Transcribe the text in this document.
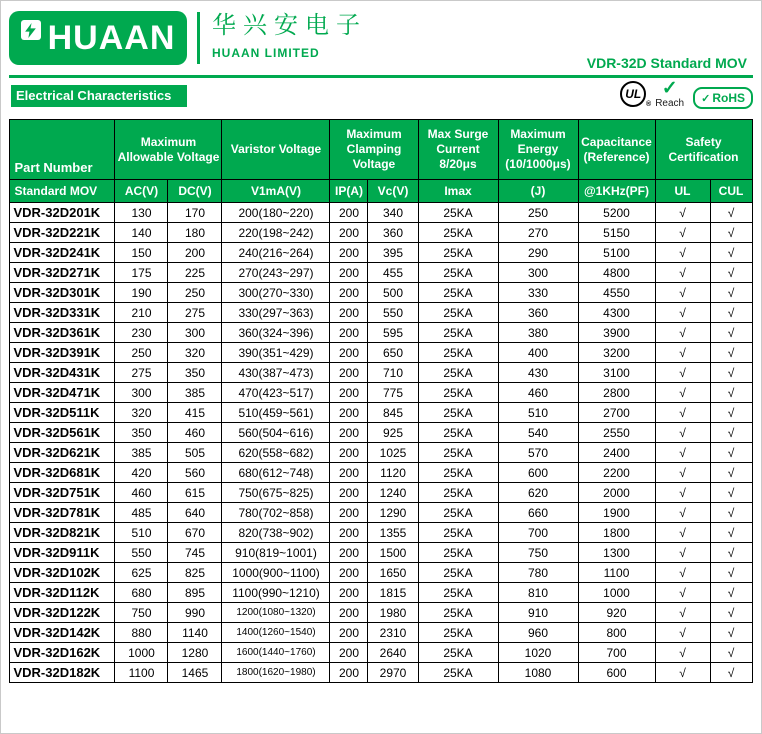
HUAAN 华兴安电子
HUAAN LIMITED
VDR-32D Standard MOV
Electrical Characteristics	UL
®
✓
Reach ✓ RoHS
Part Number	Maximum Allowable Voltage		Varistor Voltage	Maximum Clamping Voltage		Max Surge Current 8/20μs	Maximum Energy (10/1000μs)	Capacitance(Reference)	Safety Certification	
Standard MOV	AC(V)	DC(V)	V1mA(V)	IP(A)	Vc(V)	Imax	(J)	@1KHz(PF)	UL	CUL
VDR-32D201K	130	170	200(180~220)	200	340	25KA	250	5200	√	√
VDR-32D221K	140	180	220(198~242)	200	360	25KA	270	5150	√	√
VDR-32D241K	150	200	240(216~264)	200	395	25KA	290	5100	√	√
VDR-32D271K	175	225	270(243~297)	200	455	25KA	300	4800	√	√
VDR-32D301K	190	250	300(270~330)	200	500	25KA	330	4550	√	√
VDR-32D331K	210	275	330(297~363)	200	550	25KA	360	4300	√	√
VDR-32D361K	230	300	360(324~396)	200	595	25KA	380	3900	√	√
VDR-32D391K	250	320	390(351~429)	200	650	25KA	400	3200	√	√
VDR-32D431K	275	350	430(387~473)	200	710	25KA	430	3100	√	√
VDR-32D471K	300	385	470(423~517)	200	775	25KA	460	2800	√	√
VDR-32D511K	320	415	510(459~561)	200	845	25KA	510	2700	√	√
VDR-32D561K	350	460	560(504~616)	200	925	25KA	540	2550	√	√
VDR-32D621K	385	505	620(558~682)	200	1025	25KA	570	2400	√	√
VDR-32D681K	420	560	680(612~748)	200	1120	25KA	600	2200	√	√
VDR-32D751K	460	615	750(675~825)	200	1240	25KA	620	2000	√	√
VDR-32D781K	485	640	780(702~858)	200	1290	25KA	660	1900	√	√
VDR-32D821K	510	670	820(738~902)	200	1355	25KA	700	1800	√	√
VDR-32D911K	550	745	910(819~1001)	200	1500	25KA	750	1300	√	√
VDR-32D102K	625	825	1000(900~1100)	200	1650	25KA	780	1100	√	√
VDR-32D112K	680	895	1100(990~1210)	200	1815	25KA	810	1000	√	√
VDR-32D122K	750	990	1200(1080~1320)	200	1980	25KA	910	920	√	√
VDR-32D142K	880	1140	1400(1260~1540)	200	2310	25KA	960	800	√	√
VDR-32D162K	1000	1280	1600(1440~1760)	200	2640	25KA	1020	700	√	√
VDR-32D182K	1100	1465	1800(1620~1980)	200	2970	25KA	1080	600	√	√
